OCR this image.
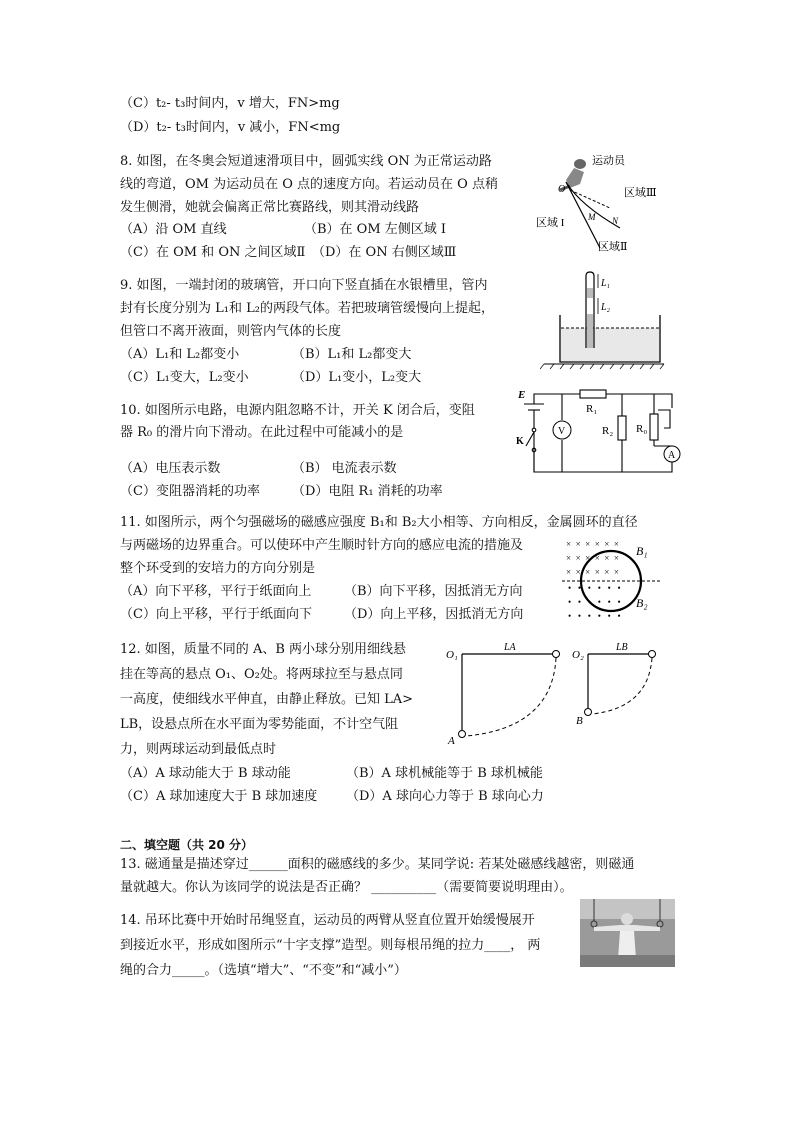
（C）t₂- t₃时间内，v 增大，FN>mg
（D）t₂- t₃时间内，v 减小，FN<mg
8. 如图，在冬奥会短道速滑项目中，圆弧实线 ON 为正常运动路
线的弯道，OM 为运动员在 O 点的速度方向。若运动员在 O 点稍
发生侧滑，她就会偏离正常比赛路线，则其滑动线路
（A）沿 OM 直线	（B）在 OM 左侧区域 I
（C）在 OM 和 ON 之间区域Ⅱ （D）在 ON 右侧区域Ⅲ
运动员
O
M N
区域Ⅲ
区域 I
区域Ⅱ
9. 如图，一端封闭的玻璃管，开口向下竖直插在水银槽里，管内
封有长度分别为 L₁和 L₂的两段气体。若把玻璃管缓慢向上提起，
但管口不离开液面，则管内气体的长度
（A）L₁和 L₂都变小	（B）L₁和 L₂都变大
（C）L₁变大，L₂变小	（D）L₁变小，L₂变大
L₁
L₂
10. 如图所示电路，电源内阻忽略不计，开关 K 闭合后，变阻
器 R₀ 的滑片向下滑动。在此过程中可能减小的是
（A）电压表示数	（B） 电流表示数
（C）变阻器消耗的功率 （D）电阻 R₁ 消耗的功率
E
K
V
A
R₁
R₂ R₀
11. 如图所示，两个匀强磁场的磁感应强度 B₁和 B₂大小相等、方向相反，金属圆环的直径
与两磁场的边界重合。可以使环中产生顺时针方向的感应电流的措施及
整个环受到的安培力的方向分别是
（A）向下平移，平行于纸面向上	（B）向下平移，因抵消无方向
（C）向上平移，平行于纸面向下 （D）向上平移，因抵消无方向
×  ×  ×  ×  ×  ×
×  ×  ×  ×  ×  ×
×  ×  ×  ×  ×  ×
•   •   •   •   •   •
•   •   •   •   •   •
•   •   •   •   •   •
B₁
B₂
12. 如图，质量不同的 A、B 两小球分别用细线悬
挂在等高的悬点 O₁、O₂处。将两球拉至与悬点同
一高度，使细线水平伸直，由静止释放。已知 LA>
LB，设悬点所在水平面为零势能面，不计空气阻
力，则两球运动到最低点时
（A）A 球动能大于 B 球动能	（B）A 球机械能等于 B 球机械能
（C）A 球加速度大于 B 球加速度 （D）A 球向心力等于 B 球向心力
O₁
LA
A
O₂
LB
B
二、填空题（共 20 分）
13. 磁通量是描述穿过______面积的磁感线的多少。某同学说: 若某处磁感线越密，则磁通
量就越大。你认为该同学的说法是否正确？ __________（需要简要说明理由）。
14. 吊环比赛中开始时吊绳竖直，运动员的两臂从竖直位置开始缓慢展开
到接近水平，形成如图所示“十字支撑”造型。则每根吊绳的拉力____， 两
绳的合力_____。（选填“增大”、“不变”和“减小”）
